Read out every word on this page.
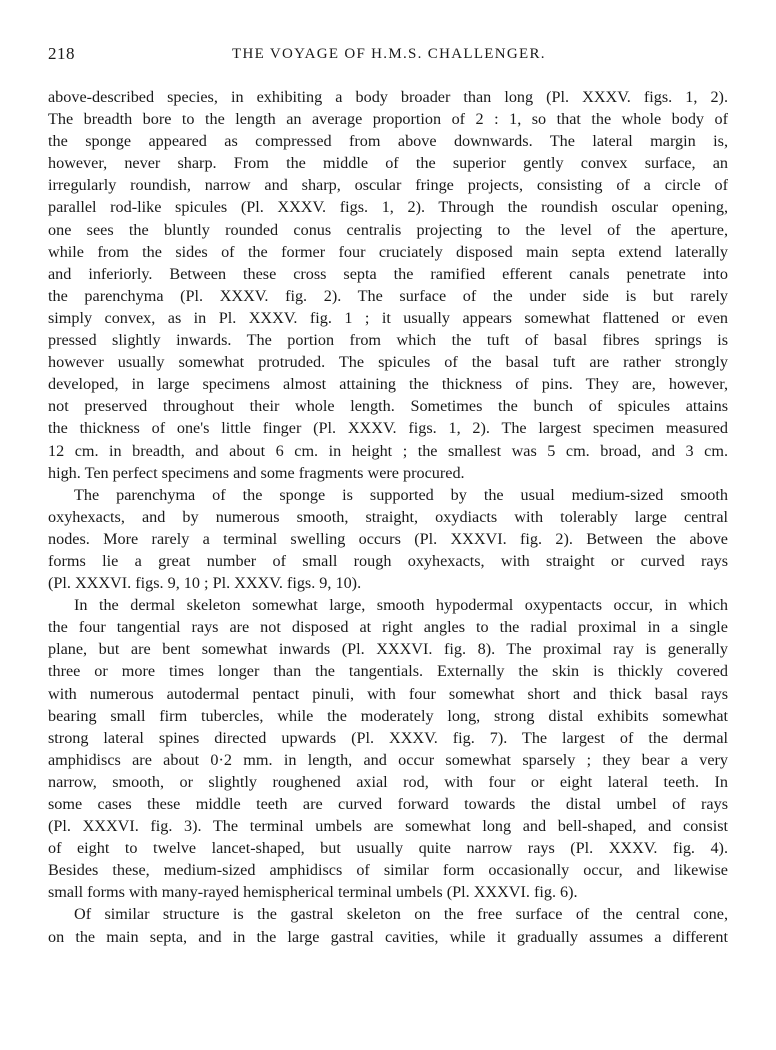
218	THE VOYAGE OF H.M.S. CHALLENGER.
above-described species, in exhibiting a body broader than long (Pl. XXXV. figs. 1, 2).
The breadth bore to the length an average proportion of 2 : 1, so that the whole body of
the sponge appeared as compressed from above downwards. The lateral margin is,
however, never sharp. From the middle of the superior gently convex surface, an
irregularly roundish, narrow and sharp, oscular fringe projects, consisting of a circle of
parallel rod-like spicules (Pl. XXXV. figs. 1, 2). Through the roundish oscular opening,
one sees the bluntly rounded conus centralis projecting to the level of the aperture,
while from the sides of the former four cruciately disposed main septa extend laterally
and inferiorly. Between these cross septa the ramified efferent canals penetrate into
the parenchyma (Pl. XXXV. fig. 2). The surface of the under side is but rarely
simply convex, as in Pl. XXXV. fig. 1 ; it usually appears somewhat flattened or even
pressed slightly inwards. The portion from which the tuft of basal fibres springs is
however usually somewhat protruded. The spicules of the basal tuft are rather strongly
developed, in large specimens almost attaining the thickness of pins. They are, however,
not preserved throughout their whole length. Sometimes the bunch of spicules attains
the thickness of one's little finger (Pl. XXXV. figs. 1, 2). The largest specimen measured
12 cm. in breadth, and about 6 cm. in height ; the smallest was 5 cm. broad, and 3 cm.
high. Ten perfect specimens and some fragments were procured.
The parenchyma of the sponge is supported by the usual medium-sized smooth
oxyhexacts, and by numerous smooth, straight, oxydiacts with tolerably large central
nodes. More rarely a terminal swelling occurs (Pl. XXXVI. fig. 2). Between the above
forms lie a great number of small rough oxyhexacts, with straight or curved rays
(Pl. XXXVI. figs. 9, 10 ; Pl. XXXV. figs. 9, 10).
In the dermal skeleton somewhat large, smooth hypodermal oxypentacts occur, in which
the four tangential rays are not disposed at right angles to the radial proximal in a single
plane, but are bent somewhat inwards (Pl. XXXVI. fig. 8). The proximal ray is generally
three or more times longer than the tangentials. Externally the skin is thickly covered
with numerous autodermal pentact pinuli, with four somewhat short and thick basal rays
bearing small firm tubercles, while the moderately long, strong distal exhibits somewhat
strong lateral spines directed upwards (Pl. XXXV. fig. 7). The largest of the dermal
amphidiscs are about 0·2 mm. in length, and occur somewhat sparsely ; they bear a very
narrow, smooth, or slightly roughened axial rod, with four or eight lateral teeth. In
some cases these middle teeth are curved forward towards the distal umbel of rays
(Pl. XXXVI. fig. 3). The terminal umbels are somewhat long and bell-shaped, and consist
of eight to twelve lancet-shaped, but usually quite narrow rays (Pl. XXXV. fig. 4).
Besides these, medium-sized amphidiscs of similar form occasionally occur, and likewise
small forms with many-rayed hemispherical terminal umbels (Pl. XXXVI. fig. 6).
Of similar structure is the gastral skeleton on the free surface of the central cone,
on the main septa, and in the large gastral cavities, while it gradually assumes a different
